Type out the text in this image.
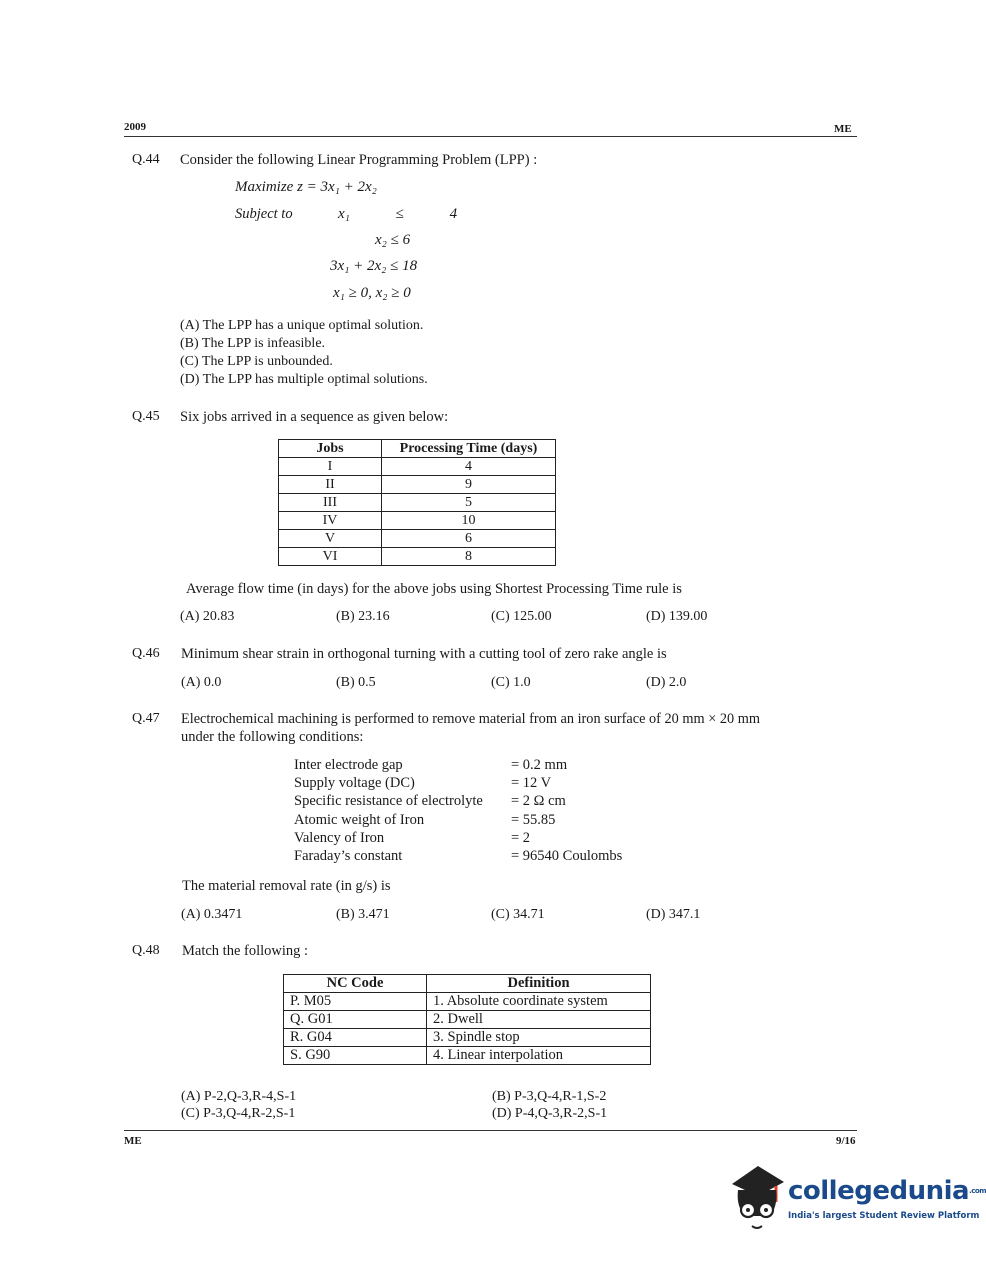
2009	ME
Q.44 Consider the following Linear Programming Problem (LPP) :
Maximize z = 3x₁ + 2x₂
Subject to	x₁ ≤ 4
x₂ ≤ 6
3x₁ + 2x₂ ≤ 18
x₁ ≥ 0, x₂ ≥ 0
(A) The LPP has a unique optimal solution.
(B) The LPP is infeasible.
(C) The LPP is unbounded.
(D) The LPP has multiple optimal solutions.
Q.45 Six jobs arrived in a sequence as given below:
Jobs	Processing Time (days)
I	4
II	9
III	5
IV	10
V	6
VI	8
Average flow time (in days) for the above jobs using Shortest Processing Time rule is
(A) 20.83	(B) 23.16	(C) 125.00	(D) 139.00
Q.46 Minimum shear strain in orthogonal turning with a cutting tool of zero rake angle is
(A) 0.0	(B) 0.5	(C) 1.0	(D) 2.0
Q.47 Electrochemical machining is performed to remove material from an iron surface of 20 mm × 20 mm
under the following conditions:
Inter electrode gap	= 0.2 mm
Supply voltage (DC)	= 12 V
Specific resistance of electrolyte = 2 Ω cm
Atomic weight of Iron	= 55.85
Valency of Iron	= 2
Faraday’s constant	= 96540 Coulombs
The material removal rate (in g/s) is
(A) 0.3471	(B) 3.471	(C) 34.71	(D) 347.1
Q.48 Match the following :
NC Code	Definition
P. M05	1. Absolute coordinate system
Q. G01	2. Dwell
R. G04	3. Spindle stop
S. G90	4. Linear interpolation
(A) P-2,Q-3,R-4,S-1	(B) P-3,Q-4,R-1,S-2
(C) P-3,Q-4,R-2,S-1	(D) P-4,Q-3,R-2,S-1
ME	9/16
collegedunia$^{.com}$
India's largest Student Review Platform
